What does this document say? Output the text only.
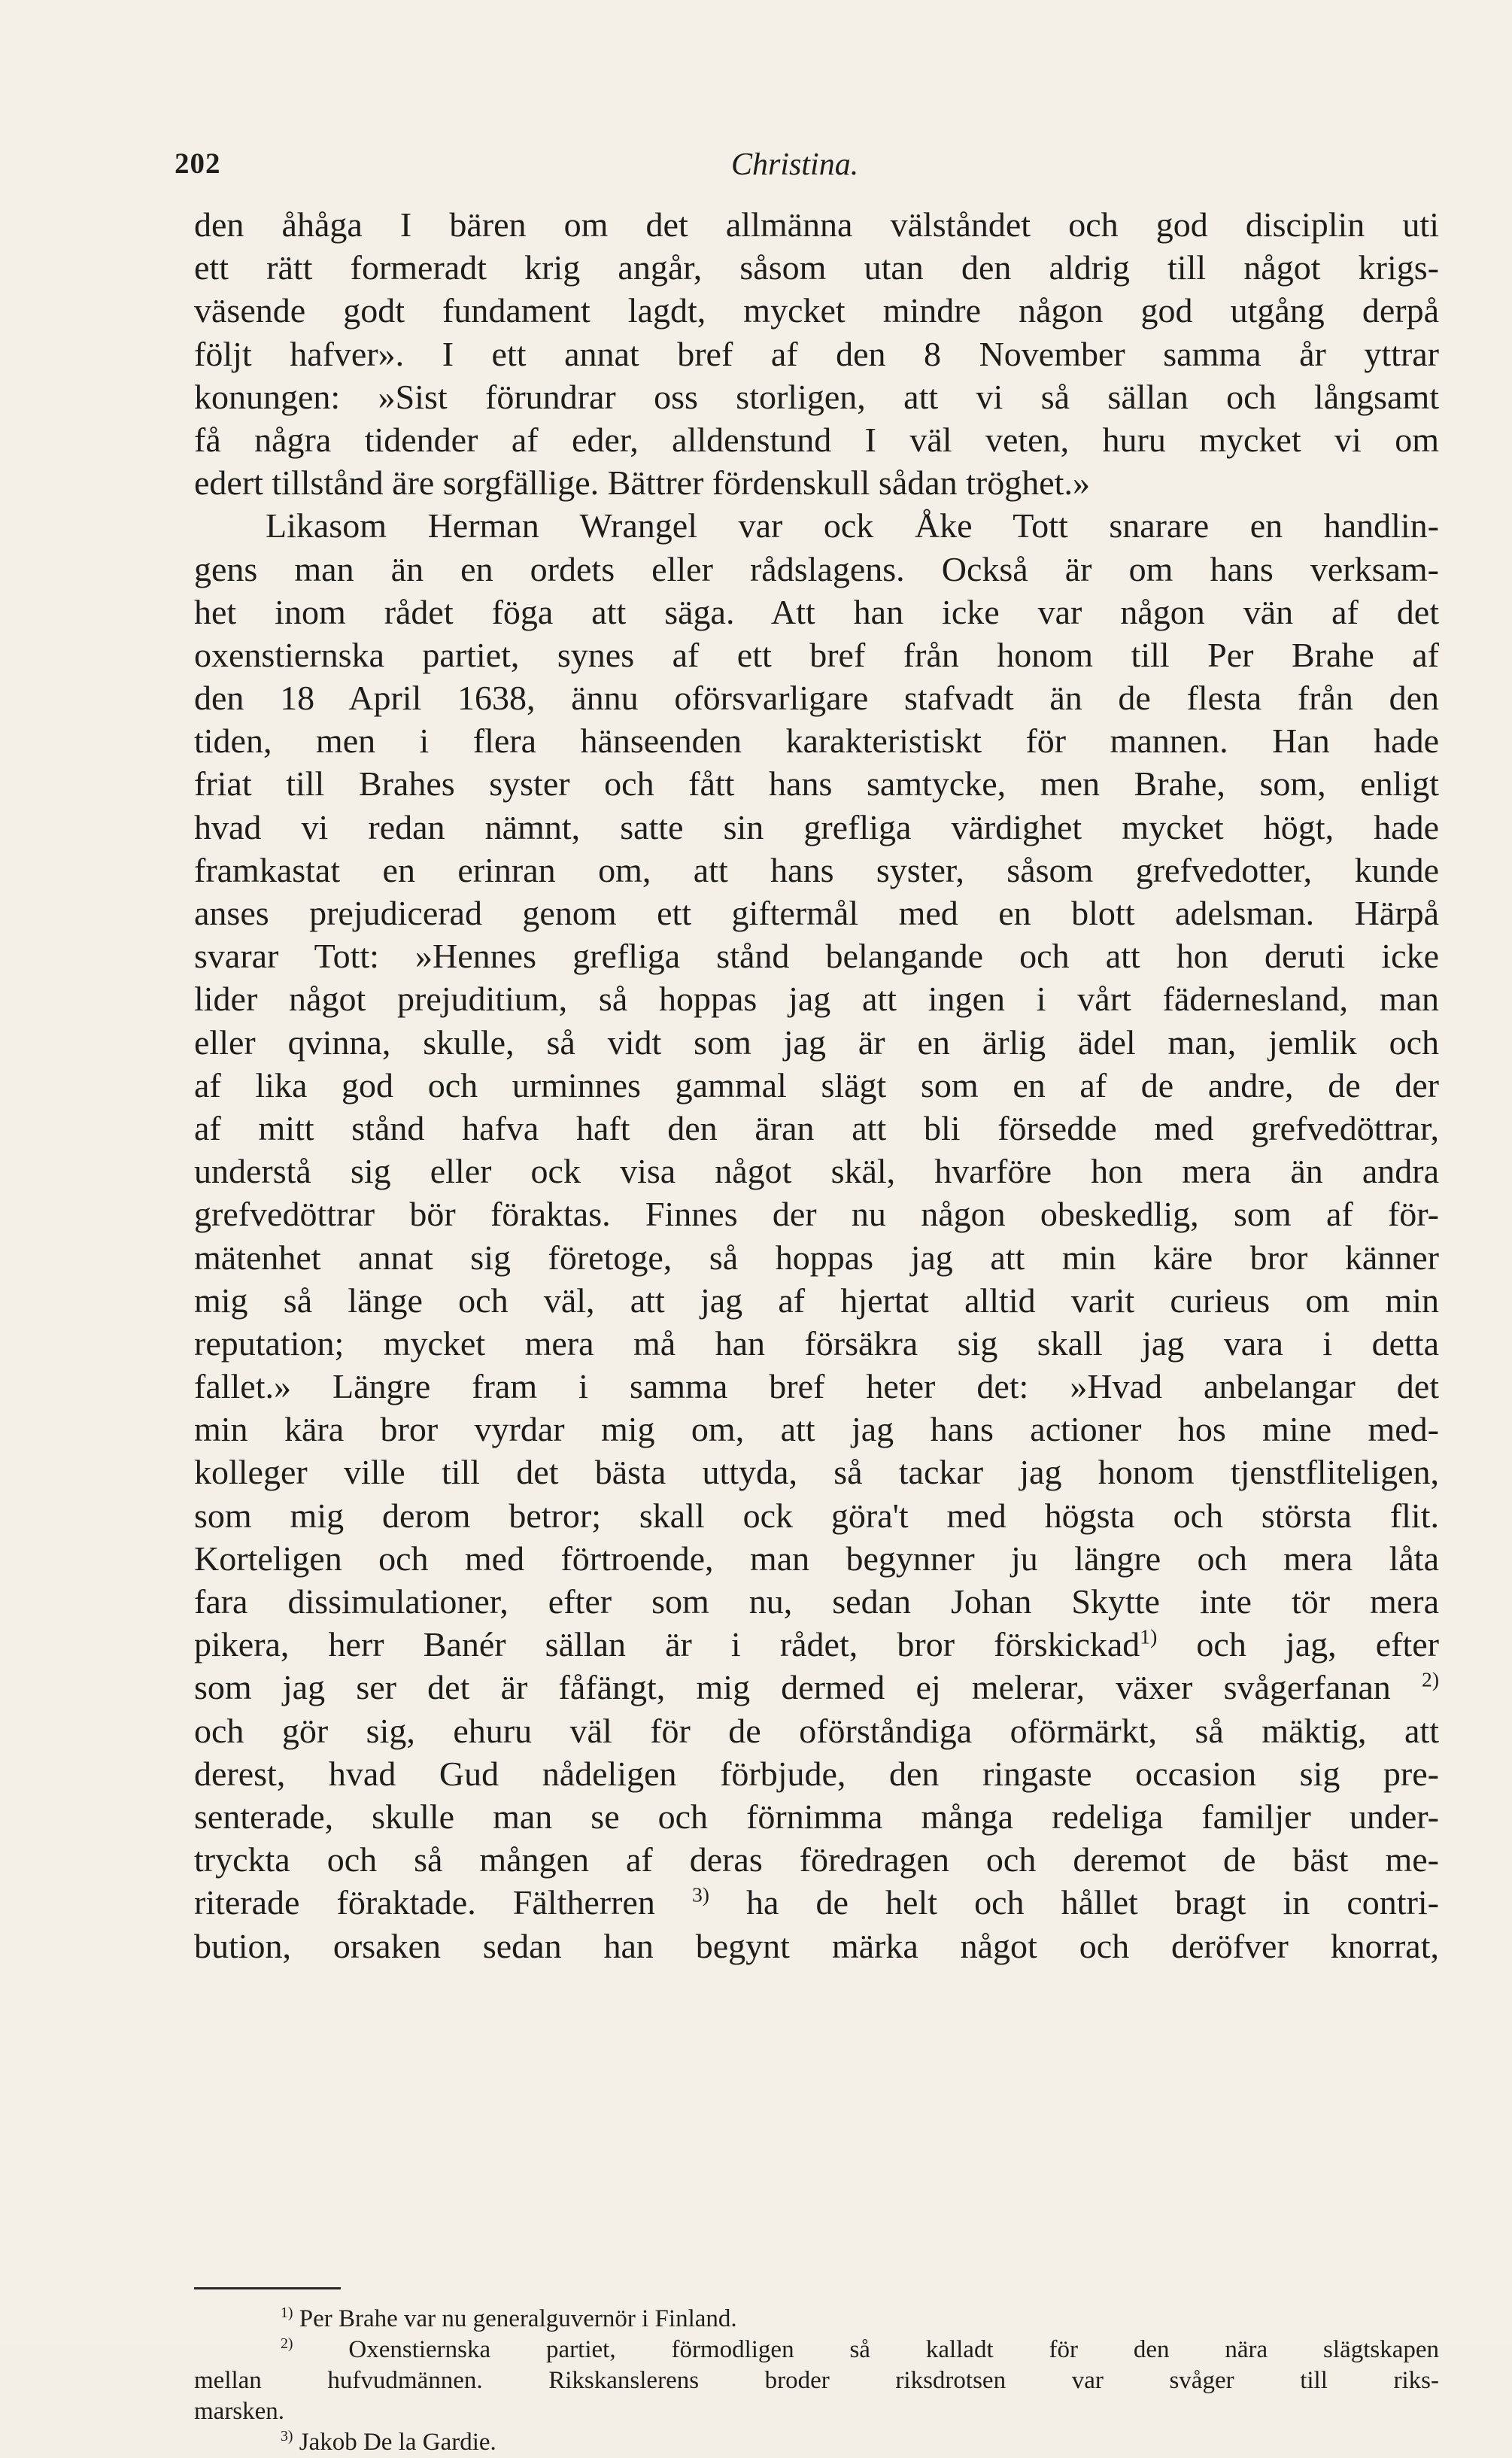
202	Christina.
den åhåga I bären om det allmänna välståndet och god disciplin uti
ett rätt formeradt krig angår, såsom utan den aldrig till något krigs-
väsende godt fundament lagdt, mycket mindre någon god utgång derpå
följt hafver». I ett annat bref af den 8 November samma år yttrar
konungen: »Sist förundrar oss storligen, att vi så sällan och långsamt
få några tidender af eder, alldenstund I väl veten, huru mycket vi om
edert tillstånd äre sorgfällige. Bättrer fördenskull sådan tröghet.»
Likasom Herman Wrangel var ock Åke Tott snarare en handlin-
gens man än en ordets eller rådslagens. Också är om hans verksam-
het inom rådet föga att säga. Att han icke var någon vän af det
oxenstiernska partiet, synes af ett bref från honom till Per Brahe af
den 18 April 1638, ännu oförsvarligare stafvadt än de flesta från den
tiden, men i flera hänseenden karakteristiskt för mannen. Han hade
friat till Brahes syster och fått hans samtycke, men Brahe, som, enligt
hvad vi redan nämnt, satte sin grefliga värdighet mycket högt, hade
framkastat en erinran om, att hans syster, såsom grefvedotter, kunde
anses prejudicerad genom ett giftermål med en blott adelsman. Härpå
svarar Tott: »Hennes grefliga stånd belangande och att hon deruti icke
lider något prejuditium, så hoppas jag att ingen i vårt fädernesland, man
eller qvinna, skulle, så vidt som jag är en ärlig ädel man, jemlik och
af lika god och urminnes gammal slägt som en af de andre, de der
af mitt stånd hafva haft den äran att bli försedde med grefvedöttrar,
understå sig eller ock visa något skäl, hvarföre hon mera än andra
grefvedöttrar bör föraktas. Finnes der nu någon obeskedlig, som af för-
mätenhet annat sig företoge, så hoppas jag att min käre bror känner
mig så länge och väl, att jag af hjertat alltid varit curieus om min
reputation; mycket mera må han försäkra sig skall jag vara i detta
fallet.» Längre fram i samma bref heter det: »Hvad anbelangar det
min kära bror vyrdar mig om, att jag hans actioner hos mine med-
kolleger ville till det bästa uttyda, så tackar jag honom tjenstfliteligen,
som mig derom betror; skall ock göra't med högsta och största flit.
Korteligen och med förtroende, man begynner ju längre och mera låta
fara dissimulationer, efter som nu, sedan Johan Skytte inte tör mera
pikera, herr Banér sällan är i rådet, bror förskickad$^{1)}$ och jag, efter
som jag ser det är fåfängt, mig dermed ej melerar, växer svågerfanan $^{2)}$
och gör sig, ehuru väl för de oförståndiga oförmärkt, så mäktig, att
derest, hvad Gud nådeligen förbjude, den ringaste occasion sig pre-
senterade, skulle man se och förnimma många redeliga familjer under-
tryckta och så mången af deras föredragen och deremot de bäst me-
riterade föraktade. Fältherren $^{3)}$ ha de helt och hållet bragt in contri-
bution, orsaken sedan han begynt märka något och deröfver knorrat,
$^{1)}$ Per Brahe var nu generalguvernör i Finland.
$^{2)}$ Oxenstiernska partiet, förmodligen så kalladt för den nära slägtskapen
mellan hufvudmännen. Rikskanslerens broder riksdrotsen var svåger till riks-
marsken.
$^{3)}$ Jakob De la Gardie.
